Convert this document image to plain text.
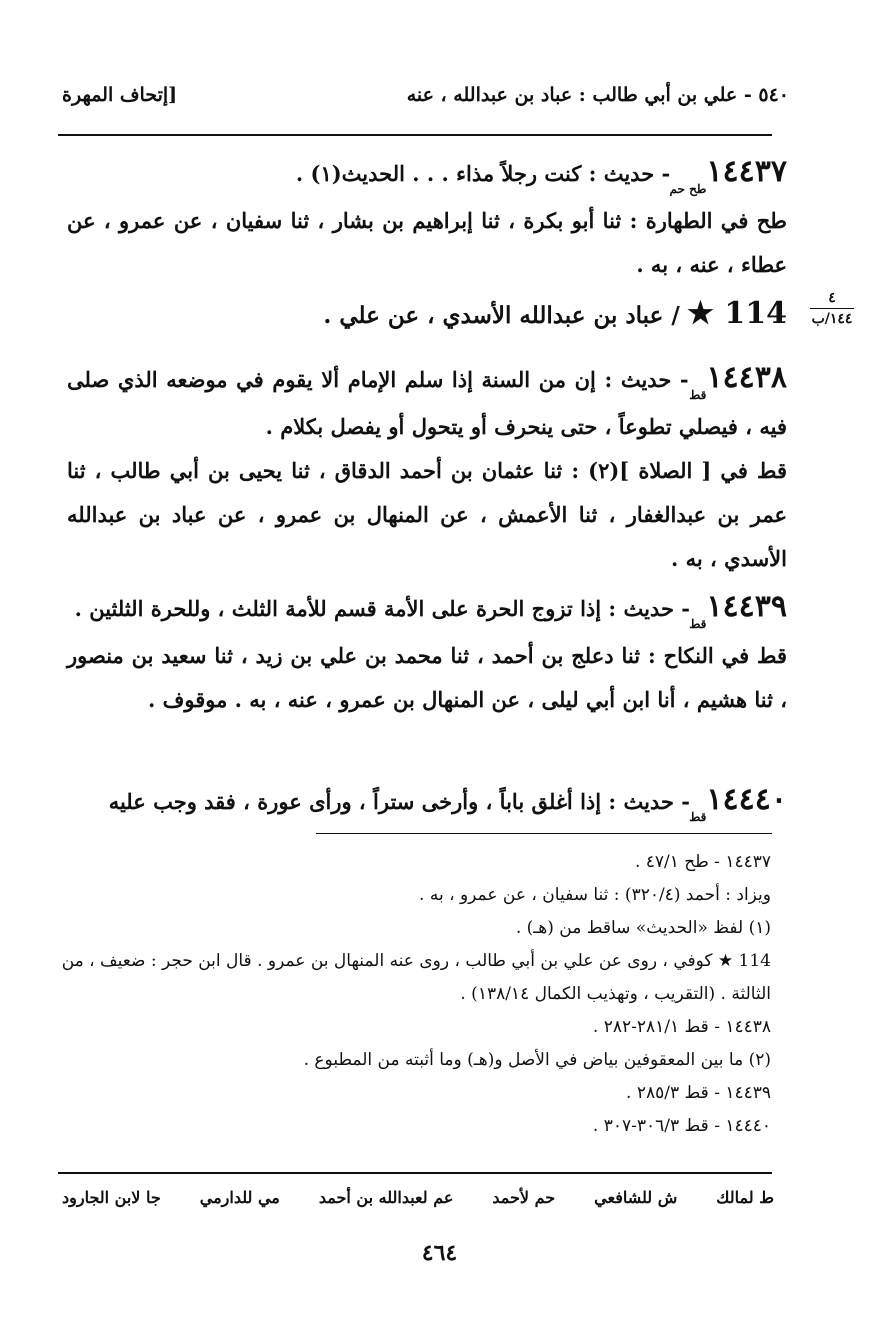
٥٤٠ - علي بن أبي طالب : عباد بن عبدالله ، عنه
[إتحاف المهرة

$١٤٤٣٧_{طح حم}$ - حديث : كنت رجلاً مذاء . . . الحديث(١) .

طح في الطهارة : ثنا أبو بكرة ، ثنا إبراهيم بن بشار ، ثنا سفيان ، عن عمرو ، عن عطاء ، عنه ، به .

114 ★ / عباد بن عبدالله الأسدي ، عن علي .

٤
١٤٤/ب

$١٤٤٣٨_{قط}$ - حديث : إن من السنة إذا سلم الإمام ألا يقوم في موضعه الذي صلى فيه ، فيصلي تطوعاً ، حتى ينحرف أو يتحول أو يفصل بكلام .

قط في [ الصلاة ](٢) : ثنا عثمان بن أحمد الدقاق ، ثنا يحيى بن أبي طالب ، ثنا عمر بن عبدالغفار ، ثنا الأعمش ، عن المنهال بن عمرو ، عن عباد بن عبدالله الأسدي ، به .

$١٤٤٣٩_{قط}$ - حديث : إذا تزوج الحرة على الأمة قسم للأمة الثلث ، وللحرة الثلثين .

قط في النكاح : ثنا دعلج بن أحمد ، ثنا محمد بن علي بن زيد ، ثنا سعيد بن منصور ، ثنا هشيم ، أنا ابن أبي ليلى ، عن المنهال بن عمرو ، عنه ، به . موقوف .

$١٤٤٤٠_{قط}$ - حديث : إذا أغلق باباً ، وأرخى ستراً ، ورأى عورة ، فقد وجب عليه

١٤٤٣٧ - طح ٤٧/١ .

ويزاد : أحمد (٣٢٠/٤) : ثنا سفيان ، عن عمرو ، به .

(١) لفظ «الحديث» ساقط من (هـ) .

114 ★ كوفي ، روى عن علي بن أبي طالب ، روى عنه المنهال بن عمرو . قال ابن حجر : ضعيف ، من الثالثة . (التقريب ، وتهذيب الكمال ١٣٨/١٤) .

١٤٤٣٨ - قط ٢٨١/١-٢٨٢ .

(٢) ما بين المعقوفين بياض في الأصل و(هـ) وما أثبته من المطبوع .

١٤٤٣٩ - قط ٢٨٥/٣ .

١٤٤٤٠ - قط ٣٠٦/٣-٣٠٧ .

ط لمالك
ش للشافعي
حم لأحمد
عم لعبدالله بن أحمد
مي للدارمي
جا لابن الجارود
٤٦٤
